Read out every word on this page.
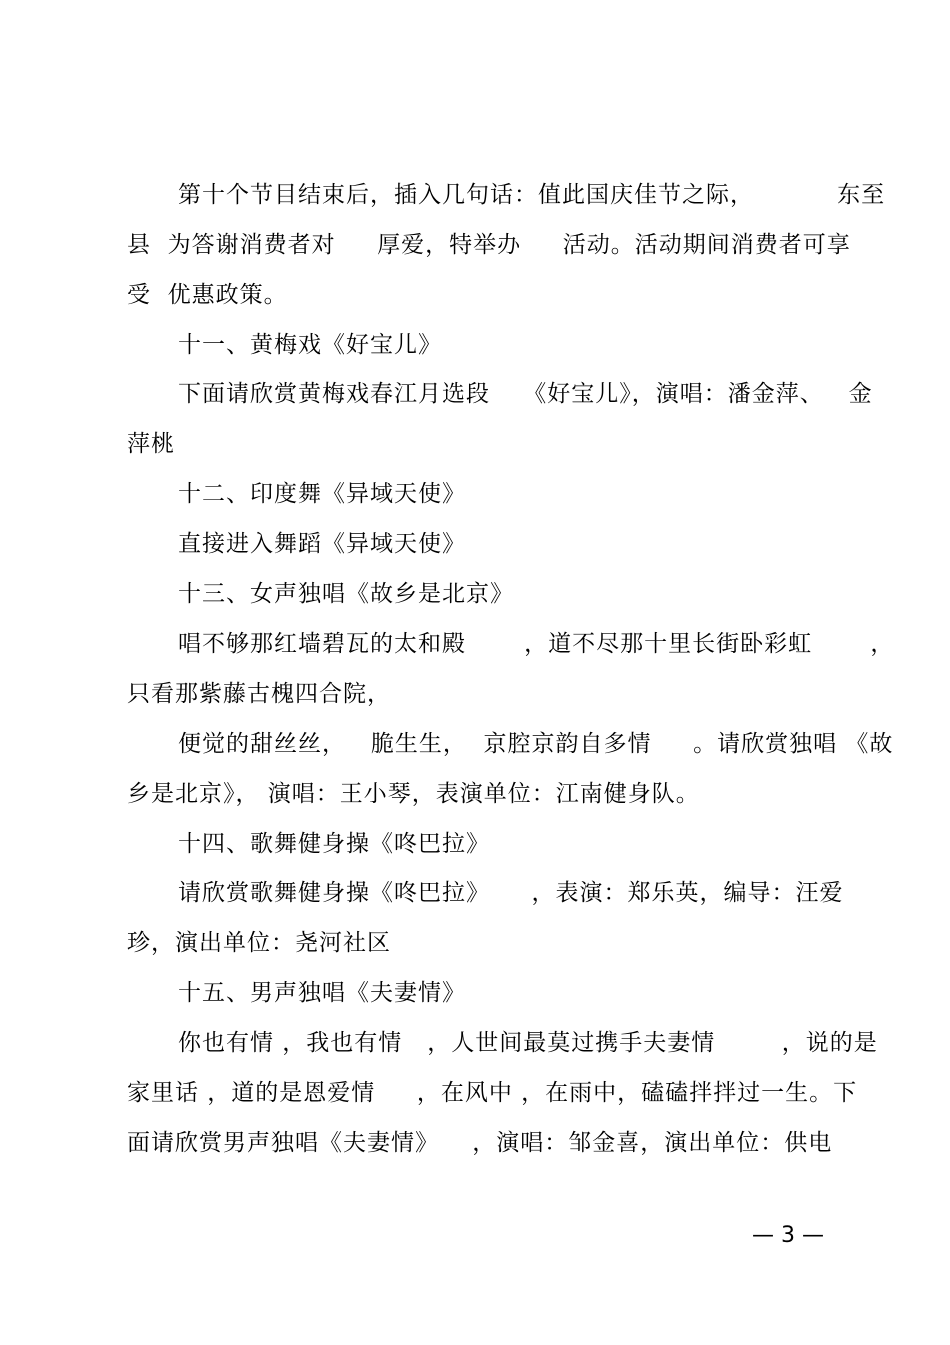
第十个节目结束后，插入几句话：值此国庆佳节之际，          东至
县  为答谢消费者对     厚爱，特举办     活动。活动期间消费者可享
受  优惠政策。
十一、黄梅戏《好宝儿》
下面请欣赏黄梅戏春江月选段    《好宝儿》，演唱：潘金萍、   金
萍桃
十二、印度舞《异域天使》
直接进入舞蹈《异域天使》
十三、女声独唱《故乡是北京》
唱不够那红墙碧瓦的太和殿       ，道不尽那十里长街卧彩虹       ，
只看那紫藤古槐四合院，
便觉的甜丝丝，   脆生生，  京腔京韵自多情     。请欣赏独唱 《故
乡是北京》， 演唱：王小琴，表演单位：江南健身队。
十四、歌舞健身操《咚巴拉》
请欣赏歌舞健身操《咚巴拉》     ，表演：郑乐英，编导：汪爱
珍，演出单位：尧河社区
十五、男声独唱《夫妻情》
你也有情 ，我也有情   ，人世间最莫过携手夫妻情        ，说的是
家里话 ，道的是恩爱情     ，在风中 ，在雨中，磕磕拌拌过一生。下
面请欣赏男声独唱《夫妻情》    ，演唱：邹金喜，演出单位：供电
— 3 —
